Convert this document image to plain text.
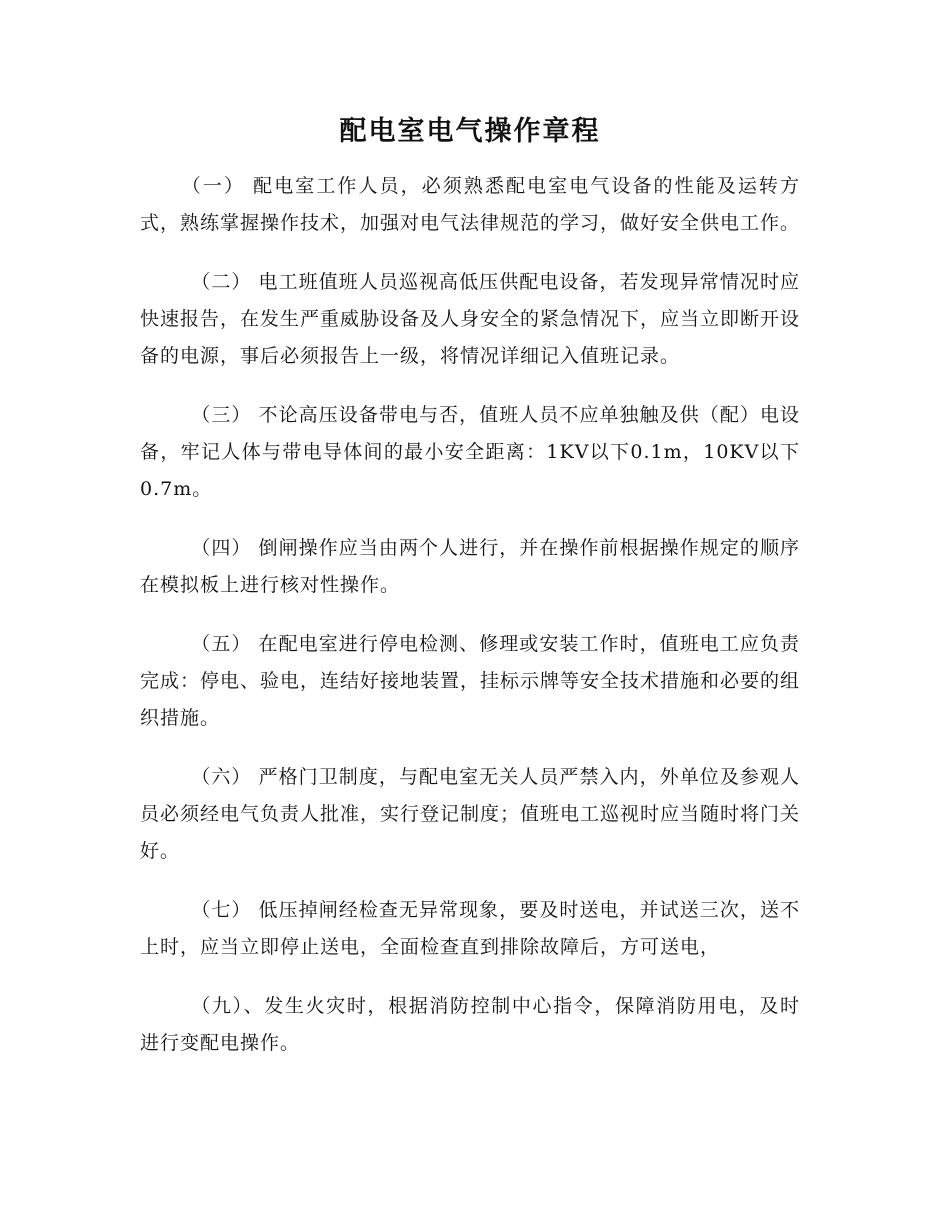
配电室电气操作章程

（一） 配电室工作人员，必须熟悉配电室电气设备的性能及运转方式，熟练掌握操作技术，加强对电气法律规范的学习，做好安全供电工作。

（二） 电工班值班人员巡视高低压供配电设备，若发现异常情况时应快速报告，在发生严重威胁设备及人身安全的紧急情况下，应当立即断开设备的电源，事后必须报告上一级，将情况详细记入值班记录。

（三） 不论高压设备带电与否，值班人员不应单独触及供（配）电设备，牢记人体与带电导体间的最小安全距离：1KV以下0.1m，10KV以下0.7m。

（四） 倒闸操作应当由两个人进行，并在操作前根据操作规定的顺序在模拟板上进行核对性操作。

（五） 在配电室进行停电检测、修理或安装工作时，值班电工应负责完成：停电、验电，连结好接地装置，挂标示牌等安全技术措施和必要的组织措施。

（六） 严格门卫制度，与配电室无关人员严禁入内，外单位及参观人员必须经电气负责人批准，实行登记制度；值班电工巡视时应当随时将门关好。

（七） 低压掉闸经检查无异常现象，要及时送电，并试送三次，送不上时，应当立即停止送电，全面检查直到排除故障后，方可送电，

（九）、发生火灾时，根据消防控制中心指令，保障消防用电，及时进行变配电操作。
